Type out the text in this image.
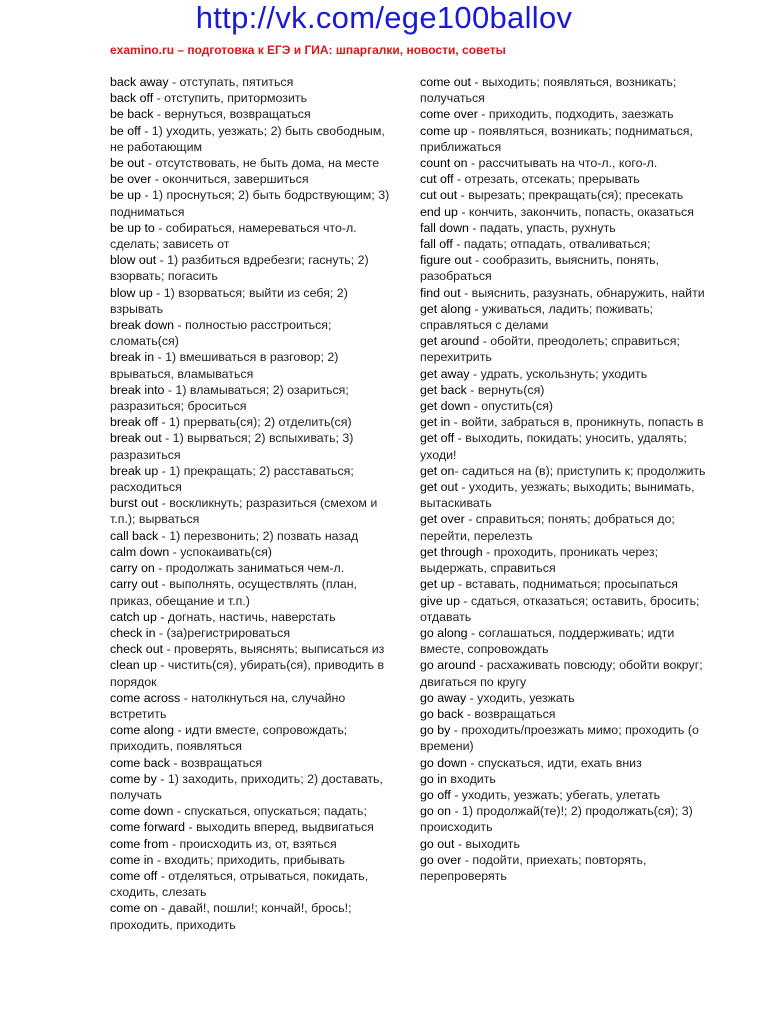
http://vk.com/ege100ballov
examino.ru – подготовка к ЕГЭ и ГИА: шпаргалки, новости, советы

back away - отступать, пятиться

back off - отступить, притормозить

be back - вернуться, возвращаться

be off - 1) уходить, уезжать; 2) быть свободным, не работающим

be out - отсутствовать, не быть дома, на месте

be over - окончиться, завершиться

be up - 1) проснуться; 2) быть бодрствующим; 3) подниматься

be up to - собираться, намереваться что-л. сделать; зависеть от

blow out - 1) разбиться вдребезги; гаснуть; 2) взорвать; погасить

blow up - 1) взорваться; выйти из себя; 2) взрывать

break down - полностью расстроиться; сломать(ся)

break in - 1) вмешиваться в разговор; 2) врываться, вламываться

break into - 1) вламываться; 2) озариться; разразиться; броситься

break off - 1) прервать(ся); 2) отделить(ся)

break out - 1) вырваться; 2) вспыхивать; 3) разразиться

break up - 1) прекращать; 2) расставаться; расходиться

burst out - воскликнуть; разразиться (смехом и т.п.); вырваться

call back - 1) перезвонить; 2) позвать назад

calm down - успокаивать(ся)

carry on - продолжать заниматься чем-л.

carry out - выполнять, осуществлять (план, приказ, обещание и т.п.)

catch up - догнать, настичь, наверстать

check in - (за)регистрироваться

check out - проверять, выяснять; выписаться из

clean up - чистить(ся), убирать(ся), приводить в порядок

come across - натолкнуться на, случайно встретить

come along - идти вместе, сопровождать; приходить, появляться

come back - возвращаться

come by - 1) заходить, приходить; 2) доставать, получать

come down - спускаться, опускаться; падать;

come forward - выходить вперед, выдвигаться

come from - происходить из, от, взяться

come in - входить; приходить, прибывать

come off - отделяться, отрываться, покидать, сходить, слезать

come on - давай!, пошли!; кончай!, брось!; проходить, приходить

come out - выходить; появляться, возникать; получаться

come over - приходить, подходить, заезжать

come up - появляться, возникать; подниматься, приближаться

count on - рассчитывать на что-л., кого-л.

cut off - отрезать, отсекать; прерывать

cut out - вырезать; прекращать(ся); пресекать

end up - кончить, закончить, попасть, оказаться

fall down - падать, упасть, рухнуть

fall off - падать; отпадать, отваливаться;

figure out - сообразить, выяснить, понять, разобраться

find out - выяснить, разузнать, обнаружить, найти

get along - уживаться, ладить; поживать; справляться с делами

get around - обойти, преодолеть; справиться; перехитрить

get away - удрать, ускользнуть; уходить

get back - вернуть(ся)

get down - опустить(ся)

get in - войти, забраться в, проникнуть, попасть в

get off - выходить, покидать; уносить, удалять; уходи!

get on- садиться на (в); приступить к; продолжить

get out - уходить, уезжать; выходить; вынимать, вытаскивать

get over - справиться; понять; добраться до; перейти, перелезть

get through - проходить, проникать через; выдержать, справиться

get up - вставать, подниматься; просыпаться

give up - сдаться, отказаться; оставить, бросить; отдавать

go along - соглашаться, поддерживать; идти вместе, сопровождать

go around - расхаживать повсюду; обойти вокруг; двигаться по кругу

go away - уходить, уезжать

go back - возвращаться

go by - проходить/проезжать мимо; проходить (о времени)

go down - спускаться, идти, ехать вниз

go in входить

go off - уходить, уезжать; убегать, улетать

go on - 1) продолжай(те)!; 2) продолжать(ся); 3) происходить

go out - выходить

go over - подойти, приехать; повторять, перепроверять
